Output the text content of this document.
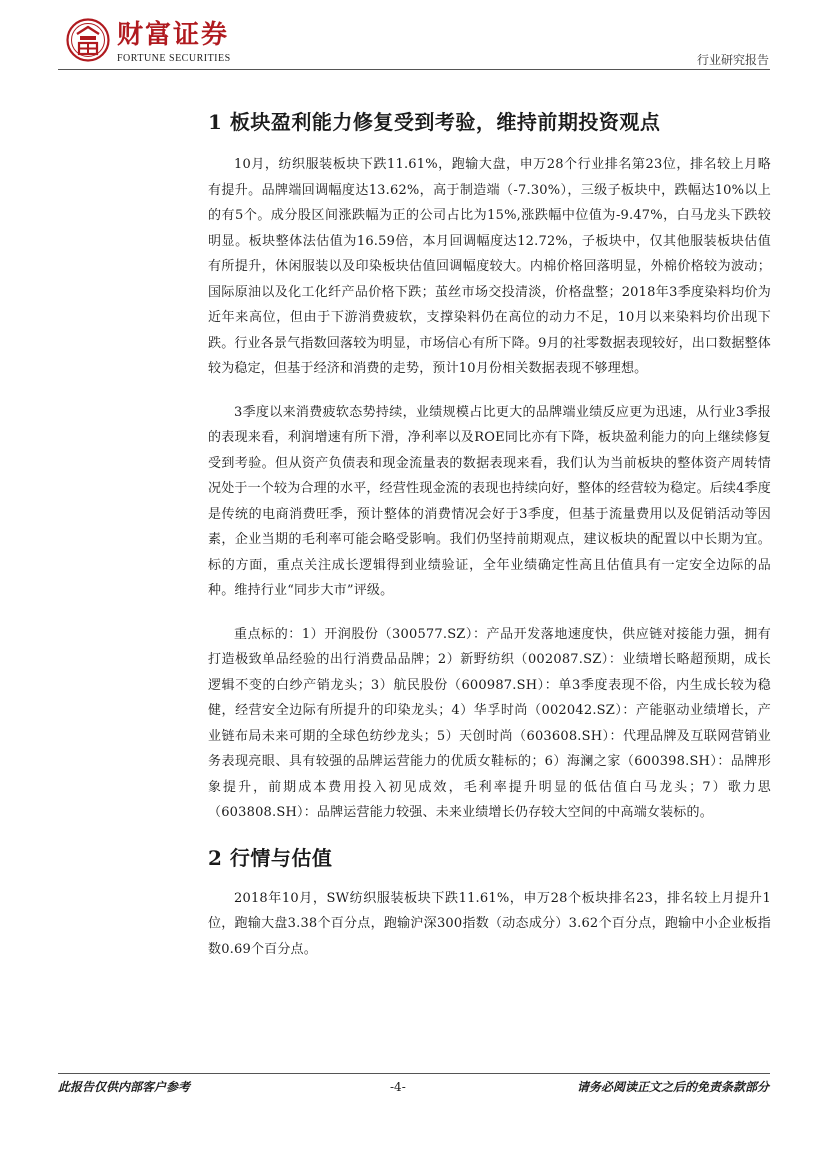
财富证券
FORTUNE SECURITIES	行业研究报告
1 板块盈利能力修复受到考验，维持前期投资观点

10月，纺织服装板块下跌11.61%，跑输大盘，申万28个行业排名第23位，排名较上月略有提升。品牌端回调幅度达13.62%，高于制造端（-7.30%），三级子板块中，跌幅达10%以上的有5个。成分股区间涨跌幅为正的公司占比为15%,涨跌幅中位值为-9.47%，白马龙头下跌较明显。板块整体法估值为16.59倍，本月回调幅度达12.72%，子板块中，仅其他服装板块估值有所提升，休闲服装以及印染板块估值回调幅度较大。内棉价格回落明显，外棉价格较为波动；国际原油以及化工化纤产品价格下跌；茧丝市场交投清淡，价格盘整；2018年3季度染料均价为近年来高位，但由于下游消费疲软，支撑染料仍在高位的动力不足，10月以来染料均价出现下跌。行业各景气指数回落较为明显，市场信心有所下降。9月的社零数据表现较好，出口数据整体较为稳定，但基于经济和消费的走势，预计10月份相关数据表现不够理想。

3季度以来消费疲软态势持续，业绩规模占比更大的品牌端业绩反应更为迅速，从行业3季报的表现来看，利润增速有所下滑，净利率以及ROE同比亦有下降，板块盈利能力的向上继续修复受到考验。但从资产负债表和现金流量表的数据表现来看，我们认为当前板块的整体资产周转情况处于一个较为合理的水平，经营性现金流的表现也持续向好，整体的经营较为稳定。后续4季度是传统的电商消费旺季，预计整体的消费情况会好于3季度，但基于流量费用以及促销活动等因素，企业当期的毛利率可能会略受影响。我们仍坚持前期观点，建议板块的配置以中长期为宜。标的方面，重点关注成长逻辑得到业绩验证，全年业绩确定性高且估值具有一定安全边际的品种。维持行业“同步大市”评级。

重点标的：1）开润股份（300577.SZ）：产品开发落地速度快，供应链对接能力强，拥有打造极致单品经验的出行消费品品牌；2）新野纺织（002087.SZ）：业绩增长略超预期，成长逻辑不变的白纱产销龙头；3）航民股份（600987.SH）：单3季度表现不俗，内生成长较为稳健，经营安全边际有所提升的印染龙头；4）华孚时尚（002042.SZ）：产能驱动业绩增长，产业链布局未来可期的全球色纺纱龙头；5）天创时尚（603608.SH）：代理品牌及互联网营销业务表现亮眼、具有较强的品牌运营能力的优质女鞋标的；6）海澜之家（600398.SH）：品牌形象提升，前期成本费用投入初见成效，毛利率提升明显的低估值白马龙头；7）歌力思（603808.SH）：品牌运营能力较强、未来业绩增长仍存较大空间的中高端女装标的。

2 行情与估值

2018年10月，SW纺织服装板块下跌11.61%，申万28个板块排名23，排名较上月提升1位，跑输大盘3.38个百分点，跑输沪深300指数（动态成分）3.62个百分点，跑输中小企业板指数0.69个百分点。

此报告仅供内部客户参考	-4-	请务必阅读正文之后的免责条款部分
